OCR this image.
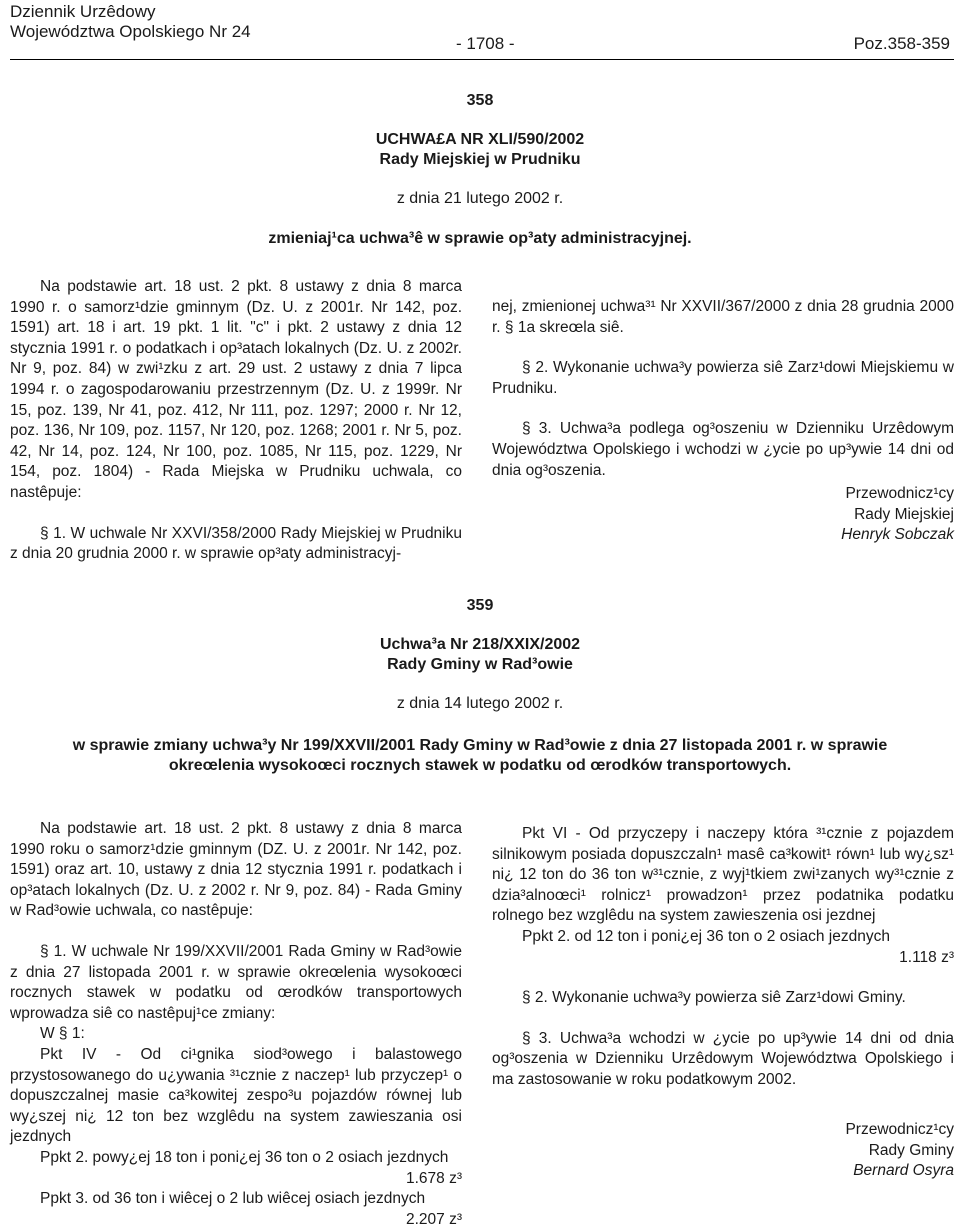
Dziennik Urzêdowy
Województwa Opolskiego Nr 24
- 1708 -	Poz.358-359
358
UCHWA£A NR XLI/590/2002
Rady Miejskiej w Prudniku
z dnia 21 lutego 2002 r.
zmieniaj¹ca uchwa³ê w sprawie op³aty administracyjnej.

Na podstawie art. 18 ust. 2 pkt. 8 ustawy z dnia 8 marca 1990 r. o samorz¹dzie gminnym (Dz. U. z 2001r. Nr 142, poz. 1591) art. 18 i art. 19 pkt. 1 lit. "c" i pkt. 2 ustawy z dnia 12 stycznia 1991 r. o podatkach i op³atach lokalnych (Dz. U. z 2002r. Nr 9, poz. 84) w zwi¹zku z art. 29 ust. 2 ustawy z dnia 7 lipca 1994 r. o zagospodarowaniu przestrzennym (Dz. U. z 1999r. Nr 15, poz. 139, Nr 41, poz. 412, Nr 111, poz. 1297; 2000 r. Nr 12, poz. 136, Nr 109, poz. 1157, Nr 120, poz. 1268; 2001 r. Nr 5, poz. 42, Nr 14, poz. 124, Nr 100, poz. 1085, Nr 115, poz. 1229, Nr 154, poz. 1804) - Rada Miejska w Prudniku uchwala, co nastêpuje:

§ 1. W uchwale Nr XXVI/358/2000 Rady Miejskiej w Prudniku z dnia 20 grudnia 2000 r. w sprawie op³aty administracyj-

nej, zmienionej uchwa³¹ Nr XXVII/367/2000 z dnia 28 grudnia 2000 r. § 1a skreœla siê.

§ 2. Wykonanie uchwa³y powierza siê Zarz¹dowi Miejskiemu w Prudniku.

§ 3. Uchwa³a podlega og³oszeniu w Dzienniku Urzêdowym Województwa Opolskiego i wchodzi w ¿ycie po up³ywie 14 dni od dnia og³oszenia.

Przewodnicz¹cy
Rady Miejskiej
Henryk Sobczak
359
Uchwa³a Nr 218/XXIX/2002
Rady Gminy w Rad³owie
z dnia 14 lutego 2002 r.
w sprawie zmiany uchwa³y Nr 199/XXVII/2001 Rady Gminy w Rad³owie z dnia 27 listopada 2001 r. w sprawie
okreœlenia wysokoœci rocznych stawek w podatku od œrodków transportowych.

Na podstawie art. 18 ust. 2 pkt. 8 ustawy z dnia 8 marca 1990 roku o samorz¹dzie gminnym (DZ. U. z 2001r. Nr 142, poz. 1591) oraz art. 10, ustawy z dnia 12 stycznia 1991 r. podatkach i op³atach lokalnych (Dz. U. z 2002 r. Nr 9, poz. 84) - Rada Gminy w Rad³owie uchwala, co nastêpuje:

§ 1. W uchwale Nr 199/XXVII/2001 Rada Gminy w Rad³owie z dnia 27 listopada 2001 r. w sprawie okreœlenia wysokoœci rocznych stawek w podatku od œrodków transportowych wprowadza siê co nastêpuj¹ce zmiany:

W § 1:

Pkt IV - Od ci¹gnika siod³owego i balastowego przystosowanego do u¿ywania ³¹cznie z naczep¹ lub przyczep¹ o dopuszczalnej masie ca³kowitej zespo³u pojazdów równej lub wy¿szej ni¿ 12 ton bez wzglêdu na system zawieszania osi jezdnych

Ppkt 2. powy¿ej 18 ton i poni¿ej 36 ton o 2 osiach jezdnych

1.678 z³

Ppkt 3. od 36 ton i wiêcej o 2 lub wiêcej osiach jezdnych

2.207 z³

Pkt VI - Od przyczepy i naczepy która ³¹cznie z pojazdem silnikowym posiada dopuszczaln¹ masê ca³kowit¹ równ¹ lub wy¿sz¹ ni¿ 12 ton do 36 ton w³¹cznie, z wyj¹tkiem zwi¹zanych wy³¹cznie z dzia³alnoœci¹ rolnicz¹ prowadzon¹ przez podatnika podatku rolnego bez wzglêdu na system zawieszenia osi jezdnej

Ppkt 2. od 12 ton i poni¿ej 36 ton o 2 osiach jezdnych

1.118 z³

§ 2. Wykonanie uchwa³y powierza siê Zarz¹dowi Gminy.

§ 3. Uchwa³a wchodzi w ¿ycie po up³ywie 14 dni od dnia og³oszenia w Dzienniku Urzêdowym Województwa Opolskiego i ma zastosowanie w roku podatkowym 2002.

Przewodnicz¹cy
Rady Gminy
Bernard Osyra
